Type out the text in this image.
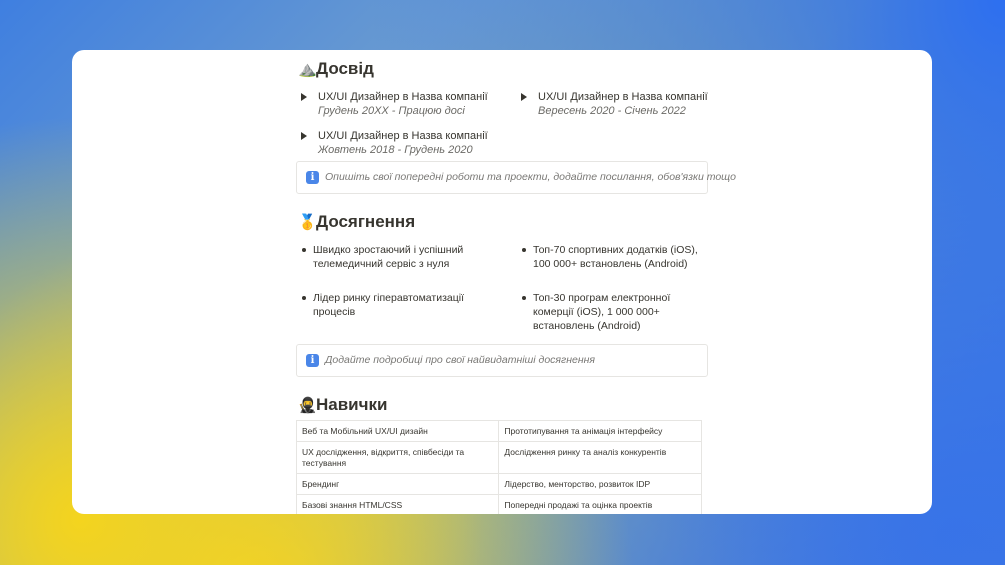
⛰️ Досвід
UX/UI Дизайнер в Назва компанії
Грудень 20XX - Працюю досі
UX/UI Дизайнер в Назва компанії
Вересень 2020 - Січень 2022
UX/UI Дизайнер в Назва компанії
Жовтень 2018 - Грудень 2020
i	Опишіть свої попередні роботи та проекти, додайте посилання, обов'язки тощо
🥇 Досягнення
Швидко зростаючий і успішний телемедичний сервіс з нуля
Топ-70 спортивних додатків (iOS), 100 000+ встановлень (Android)
Лідер ринку гіперавтоматизації процесів
Топ-30 програм електронної комерції (iOS), 1 000 000+ встановлень (Android)
i	Додайте подробиці про свої найвидатніші досягнення
🥷 Навички
Веб та Мобільний UX/UI дизайн	Прототипування та анімація інтерфейсу
UX дослідження, відкриття, співбесіди та тестування	Дослідження ринку та аналіз конкурентів
Брендинг	Лідерство, менторство, розвиток IDP
Базові знання HTML/CSS	Попередні продажі та оцінка проектів
